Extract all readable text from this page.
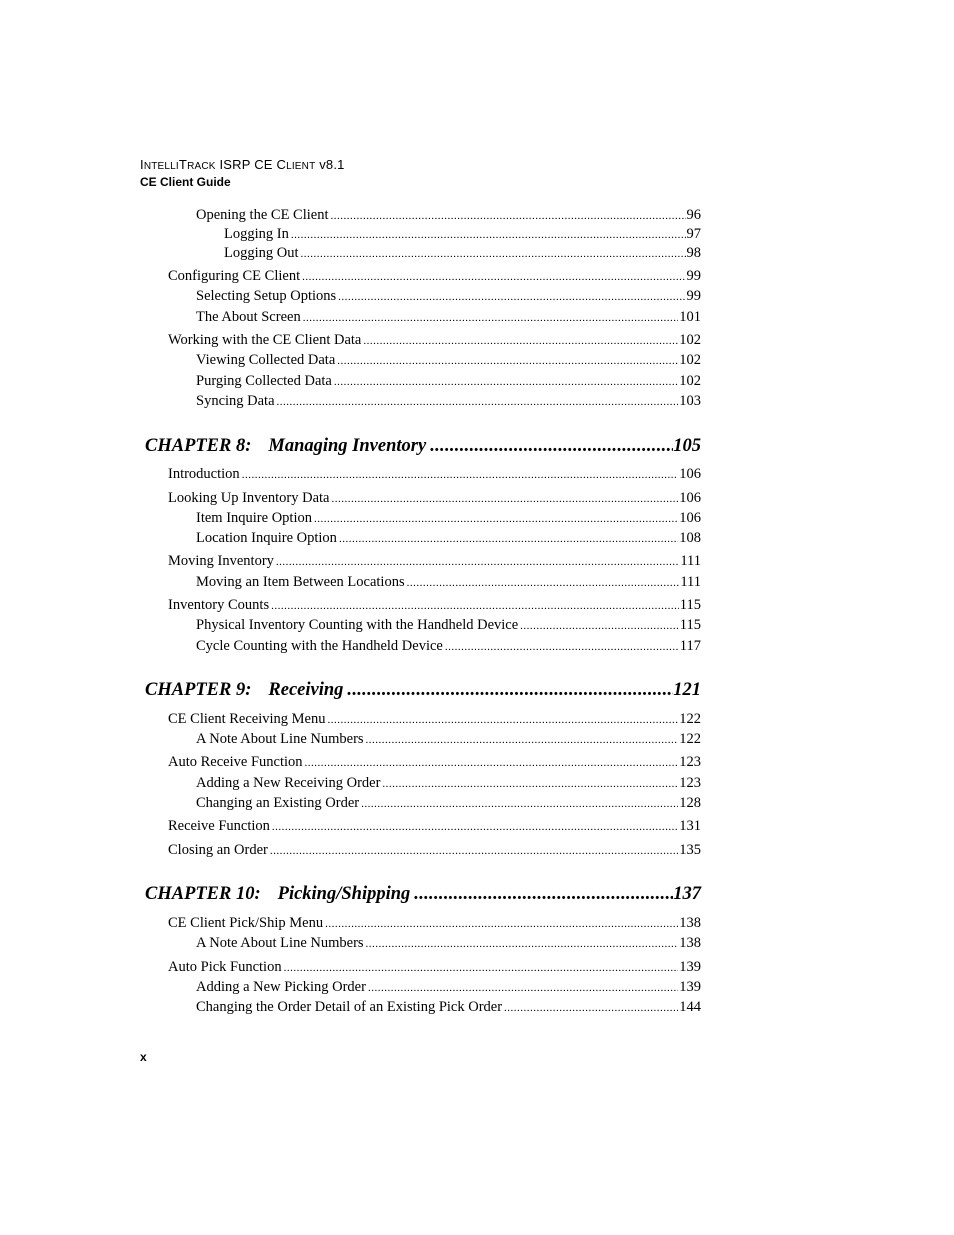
INTELLITRACK ISRP CE CLIENT v8.1
CE Client Guide
Opening the CE Client .....	96
Logging In .....	97
Logging Out .....	98
Configuring CE Client .....	99
Selecting Setup Options .....	99
The About Screen .....	101
Working with the CE Client Data .....	102
Viewing Collected Data .....	102
Purging Collected Data .....	102
Syncing Data .....	103
CHAPTER 8: Managing Inventory .....	105
Introduction .....	106
Looking Up Inventory Data .....	106
Item Inquire Option .....	106
Location Inquire Option .....	108
Moving Inventory .....	111
Moving an Item Between Locations .....	111
Inventory Counts .....	115
Physical Inventory Counting with the Handheld Device .....	115
Cycle Counting with the Handheld Device .....	117
CHAPTER 9: Receiving .....	121
CE Client Receiving Menu .....	122
A Note About Line Numbers .....	122
Auto Receive Function .....	123
Adding a New Receiving Order .....	123
Changing an Existing Order .....	128
Receive Function .....	131
Closing an Order .....	135
CHAPTER 10: Picking/Shipping .....	137
CE Client Pick/Ship Menu .....	138
A Note About Line Numbers .....	138
Auto Pick Function .....	139
Adding a New Picking Order .....	139
Changing the Order Detail of an Existing Pick Order .....	144
x
